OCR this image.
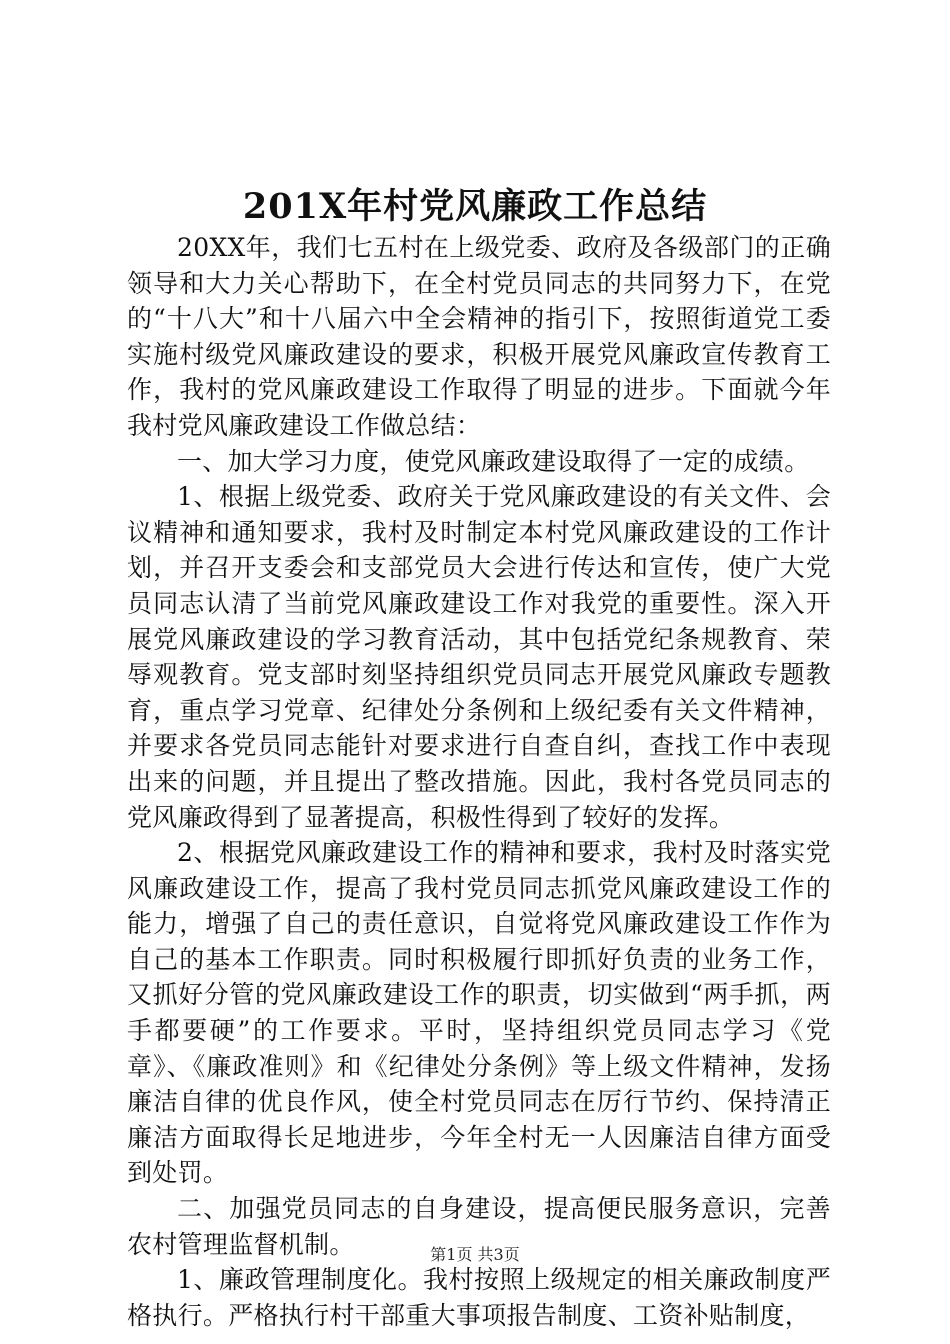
201X年村党风廉政工作总结

20XX年，我们七五村在上级党委、政府及各级部门的正确领导和大力关心帮助下，在全村党员同志的共同努力下，在党的“十八大”和十八届六中全会精神的指引下，按照街道党工委实施村级党风廉政建设的要求，积极开展党风廉政宣传教育工作，我村的党风廉政建设工作取得了明显的进步。下面就今年我村党风廉政建设工作做总结：

一、加大学习力度，使党风廉政建设取得了一定的成绩。

1、根据上级党委、政府关于党风廉政建设的有关文件、会议精神和通知要求，我村及时制定本村党风廉政建设的工作计划，并召开支委会和支部党员大会进行传达和宣传，使广大党员同志认清了当前党风廉政建设工作对我党的重要性。深入开展党风廉政建设的学习教育活动，其中包括党纪条规教育、荣辱观教育。党支部时刻坚持组织党员同志开展党风廉政专题教育，重点学习党章、纪律处分条例和上级纪委有关文件精神，并要求各党员同志能针对要求进行自查自纠，查找工作中表现出来的问题，并且提出了整改措施。因此，我村各党员同志的党风廉政得到了显著提高，积极性得到了较好的发挥。

2、根据党风廉政建设工作的精神和要求，我村及时落实党风廉政建设工作，提高了我村党员同志抓党风廉政建设工作的能力，增强了自己的责任意识，自觉将党风廉政建设工作作为自己的基本工作职责。同时积极履行即抓好负责的业务工作，又抓好分管的党风廉政建设工作的职责，切实做到“两手抓，两手都要硬”的工作要求。平时，坚持组织党员同志学习《党章》、《廉政准则》和《纪律处分条例》等上级文件精神，发扬廉洁自律的优良作风，使全村党员同志在厉行节约、保持清正廉洁方面取得长足地进步，今年全村无一人因廉洁自律方面受到处罚。

二、加强党员同志的自身建设，提高便民服务意识，完善农村管理监督机制。

1、廉政管理制度化。我村按照上级规定的相关廉政制度严格执行。严格执行村干部重大事项报告制度、工资补贴制度，

第1页 共3页
